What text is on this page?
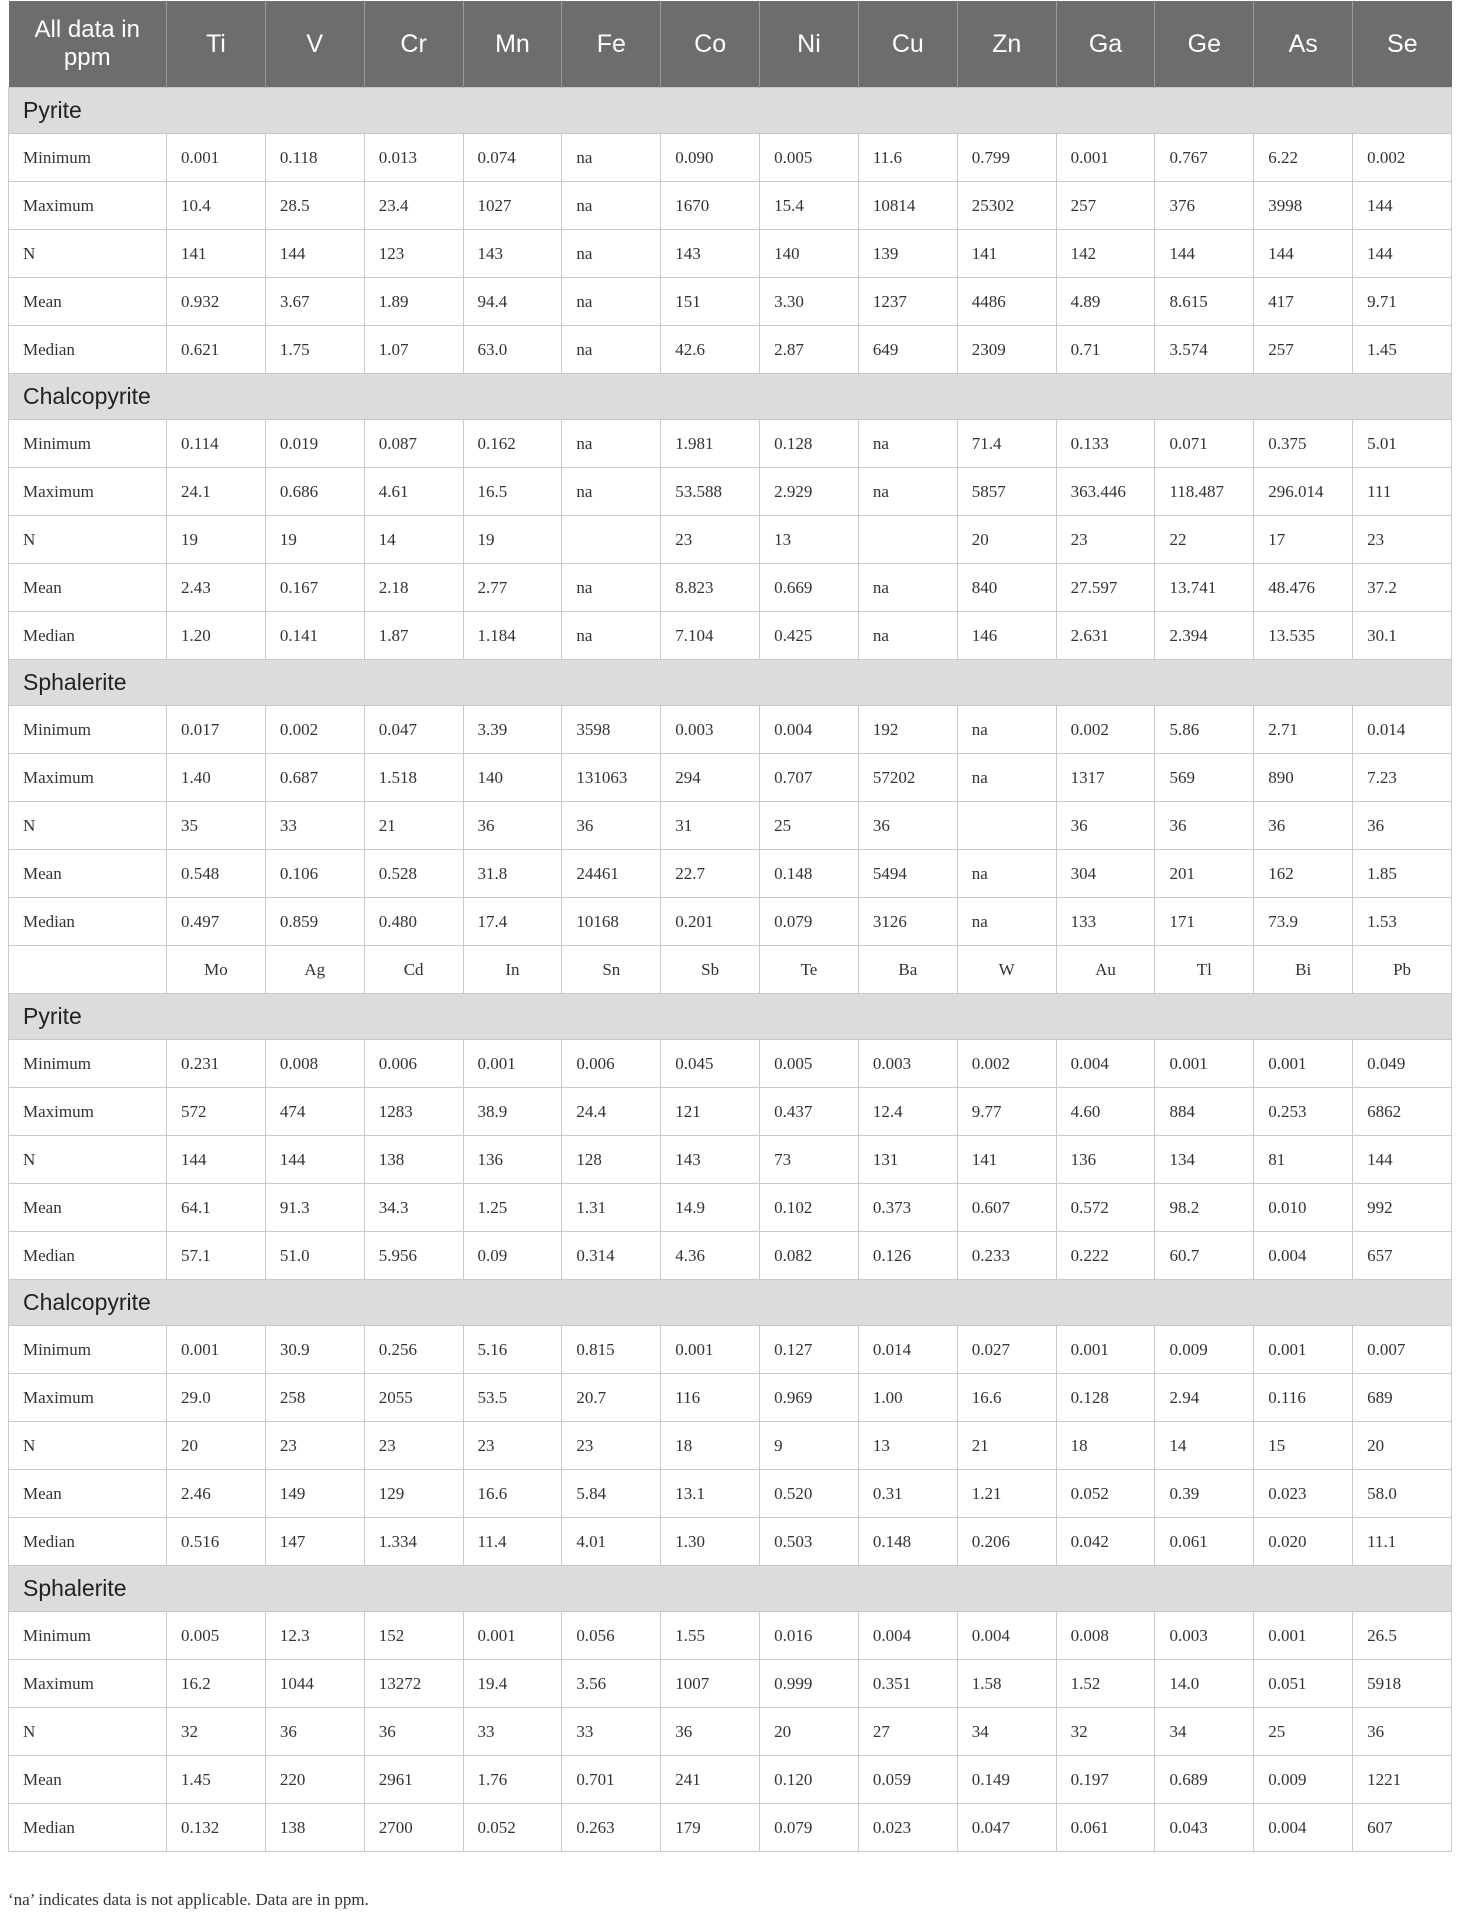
All data in ppm	Ti	V	Cr	Mn	Fe	Co	Ni	Cu	Zn	Ga	Ge	As	Se
Pyrite													
Minimum	0.001	0.118	0.013	0.074	na	0.090	0.005	11.6	0.799	0.001	0.767	6.22	0.002
Maximum	10.4	28.5	23.4	1027	na	1670	15.4	10814	25302	257	376	3998	144
N	141	144	123	143	na	143	140	139	141	142	144	144	144
Mean	0.932	3.67	1.89	94.4	na	151	3.30	1237	4486	4.89	8.615	417	9.71
Median	0.621	1.75	1.07	63.0	na	42.6	2.87	649	2309	0.71	3.574	257	1.45
Chalcopyrite													
Minimum	0.114	0.019	0.087	0.162	na	1.981	0.128	na	71.4	0.133	0.071	0.375	5.01
Maximum	24.1	0.686	4.61	16.5	na	53.588	2.929	na	5857	363.446	118.487	296.014	111
N	19	19	14	19		23	13		20	23	22	17	23
Mean	2.43	0.167	2.18	2.77	na	8.823	0.669	na	840	27.597	13.741	48.476	37.2
Median	1.20	0.141	1.87	1.184	na	7.104	0.425	na	146	2.631	2.394	13.535	30.1
Sphalerite													
Minimum	0.017	0.002	0.047	3.39	3598	0.003	0.004	192	na	0.002	5.86	2.71	0.014
Maximum	1.40	0.687	1.518	140	131063	294	0.707	57202	na	1317	569	890	7.23
N	35	33	21	36	36	31	25	36		36	36	36	36
Mean	0.548	0.106	0.528	31.8	24461	22.7	0.148	5494	na	304	201	162	1.85
Median	0.497	0.859	0.480	17.4	10168	0.201	0.079	3126	na	133	171	73.9	1.53
	Mo	Ag	Cd	In	Sn	Sb	Te	Ba	W	Au	Tl	Bi	Pb
Pyrite													
Minimum	0.231	0.008	0.006	0.001	0.006	0.045	0.005	0.003	0.002	0.004	0.001	0.001	0.049
Maximum	572	474	1283	38.9	24.4	121	0.437	12.4	9.77	4.60	884	0.253	6862
N	144	144	138	136	128	143	73	131	141	136	134	81	144
Mean	64.1	91.3	34.3	1.25	1.31	14.9	0.102	0.373	0.607	0.572	98.2	0.010	992
Median	57.1	51.0	5.956	0.09	0.314	4.36	0.082	0.126	0.233	0.222	60.7	0.004	657
Chalcopyrite													
Minimum	0.001	30.9	0.256	5.16	0.815	0.001	0.127	0.014	0.027	0.001	0.009	0.001	0.007
Maximum	29.0	258	2055	53.5	20.7	116	0.969	1.00	16.6	0.128	2.94	0.116	689
N	20	23	23	23	23	18	9	13	21	18	14	15	20
Mean	2.46	149	129	16.6	5.84	13.1	0.520	0.31	1.21	0.052	0.39	0.023	58.0
Median	0.516	147	1.334	11.4	4.01	1.30	0.503	0.148	0.206	0.042	0.061	0.020	11.1
Sphalerite													
Minimum	0.005	12.3	152	0.001	0.056	1.55	0.016	0.004	0.004	0.008	0.003	0.001	26.5
Maximum	16.2	1044	13272	19.4	3.56	1007	0.999	0.351	1.58	1.52	14.0	0.051	5918
N	32	36	36	33	33	36	20	27	34	32	34	25	36
Mean	1.45	220	2961	1.76	0.701	241	0.120	0.059	0.149	0.197	0.689	0.009	1221
Median	0.132	138	2700	0.052	0.263	179	0.079	0.023	0.047	0.061	0.043	0.004	607
‘na’ indicates data is not applicable. Data are in ppm.
